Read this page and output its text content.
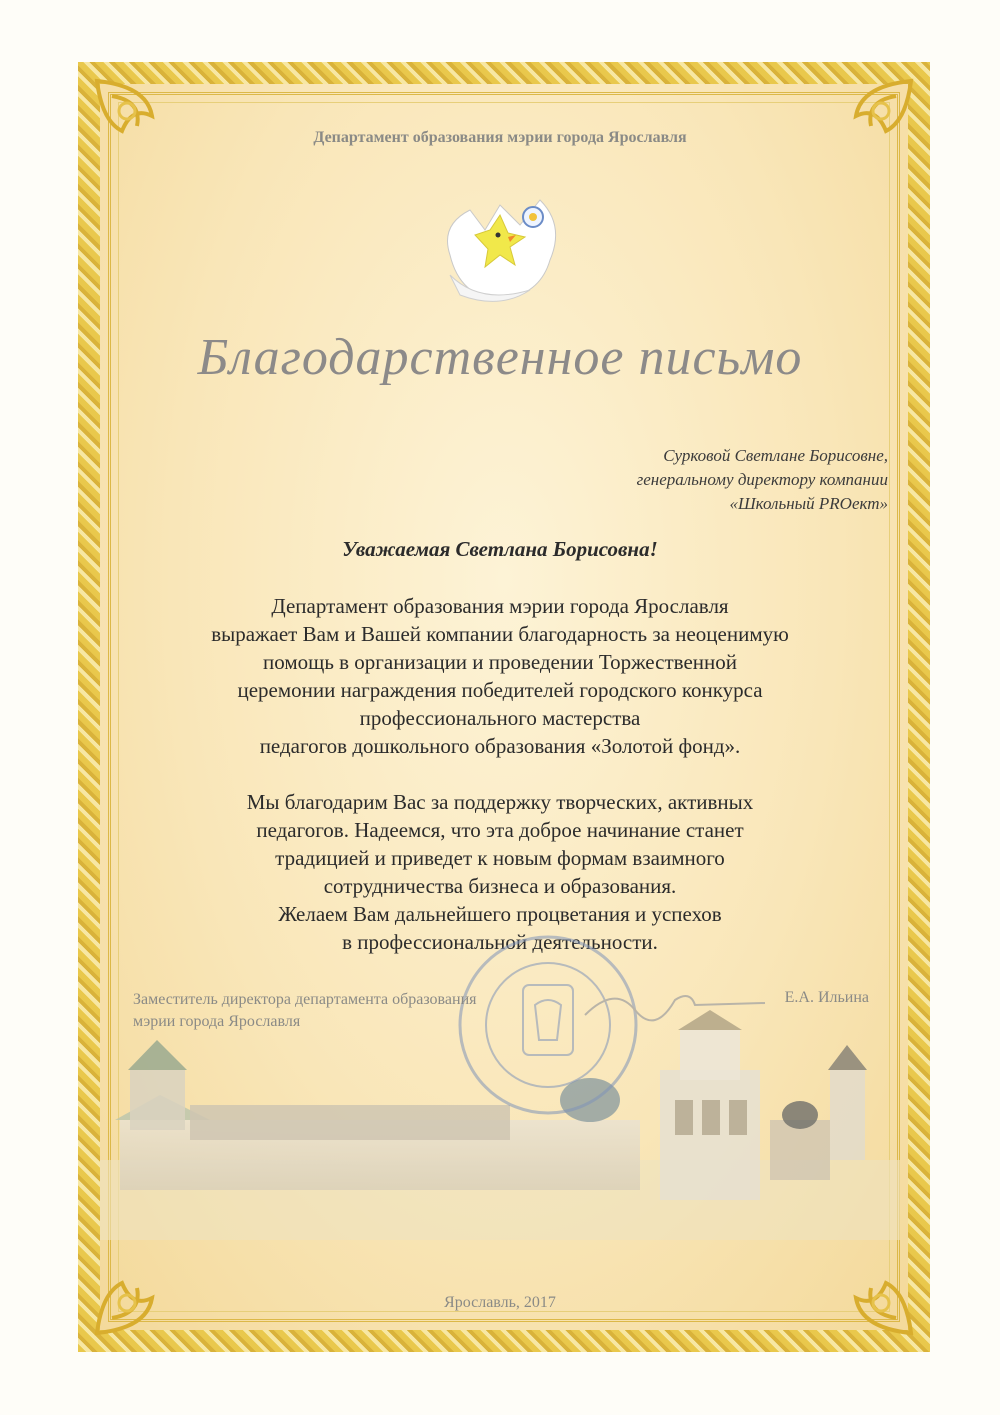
Департамент образования мэрии города Ярославля
Благодарственное письмо
Сурковой Светлане Борисовне,
генеральному директору компании
«Школьный PROект»
Уважаемая Светлана Борисовна!
Департамент образования мэрии города Ярославля
выражает Вам и Вашей компании благодарность за неоценимую
помощь в организации и проведении Торжественной
церемонии награждения победителей городского конкурса
профессионального мастерства
педагогов дошкольного образования «Золотой фонд».
Мы благодарим Вас за поддержку творческих, активных
педагогов. Надеемся, что эта доброе начинание станет
традицией и приведет к новым формам взаимного
сотрудничества бизнеса и образования.
Желаем Вам дальнейшего процветания и успехов
в профессиональной деятельности.
Заместитель директора департамента образования
мэрии города Ярославля
Е.А. Ильина
Ярославль, 2017
